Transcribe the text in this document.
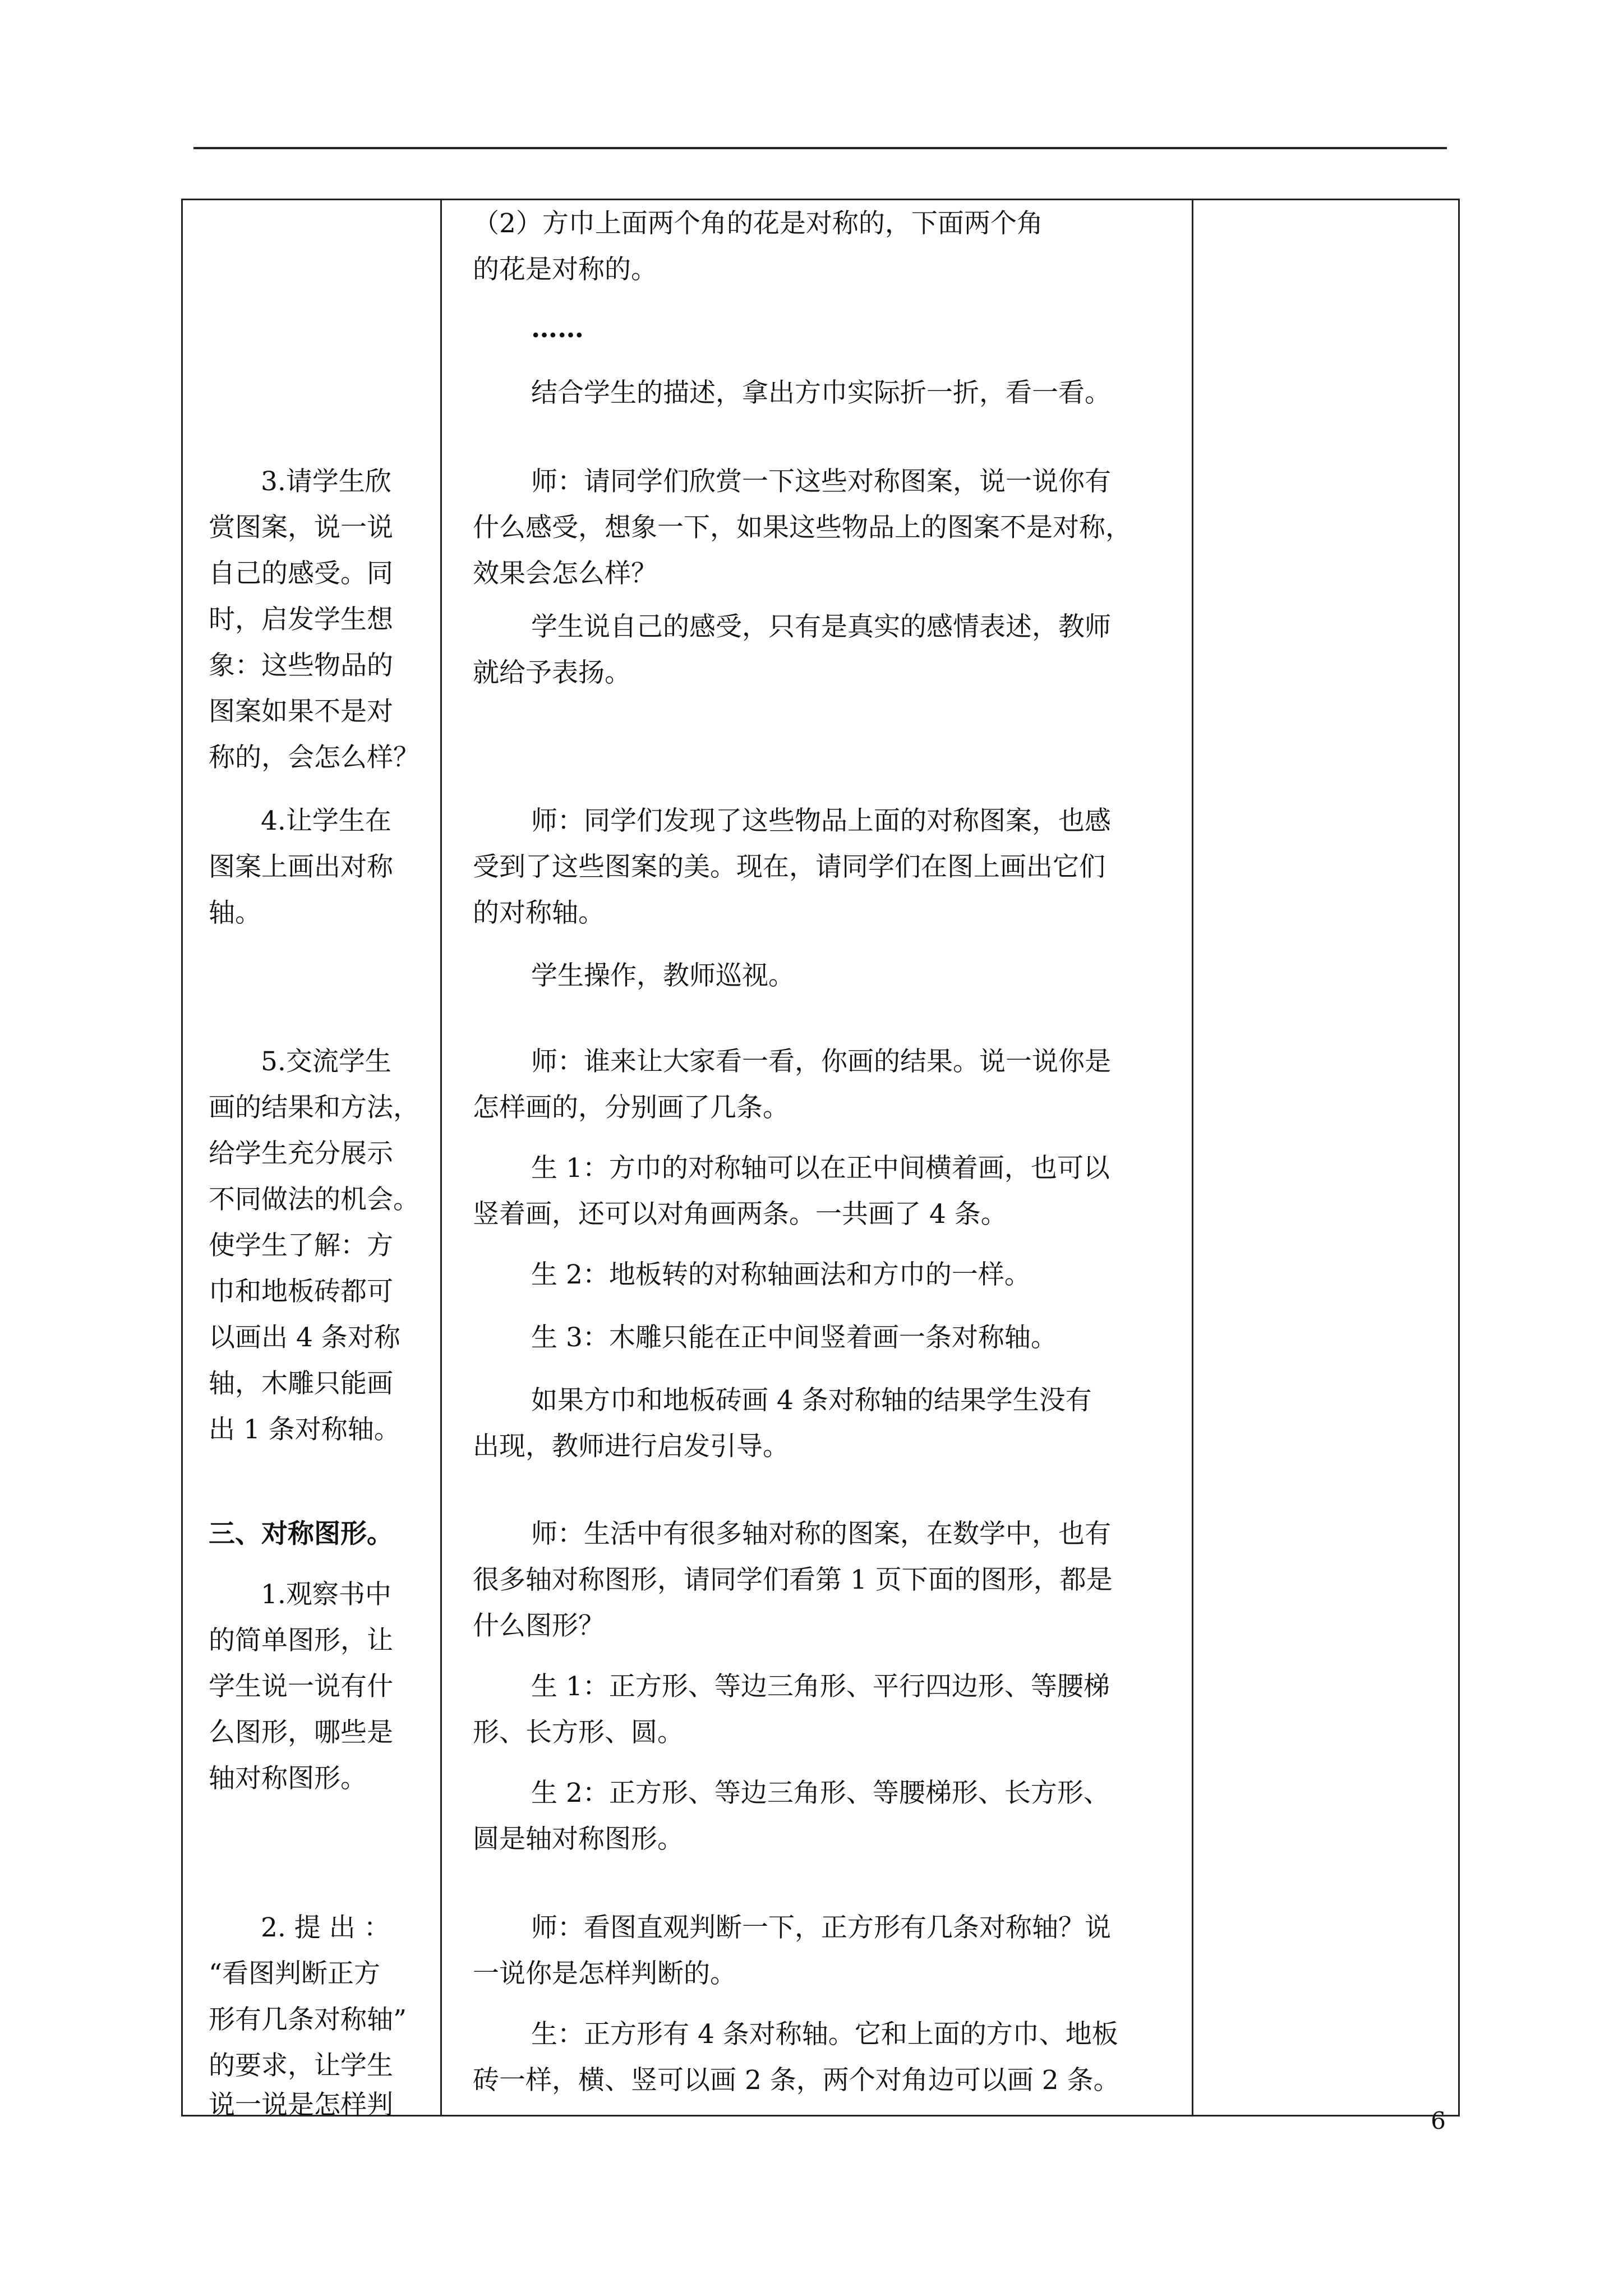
（2）方巾上面两个角的花是对称的，下面两个角

的花是对称的。

……

结合学生的描述，拿出方巾实际折一折，看一看。

师：请同学们欣赏一下这些对称图案，说一说你有

什么感受，想象一下，如果这些物品上的图案不是对称，

效果会怎么样？

学生说自己的感受，只有是真实的感情表述，教师

就给予表扬。

师：同学们发现了这些物品上面的对称图案，也感

受到了这些图案的美。现在，请同学们在图上画出它们

的对称轴。

学生操作，教师巡视。

师：谁来让大家看一看，你画的结果。说一说你是

怎样画的，分别画了几条。

生 1：方巾的对称轴可以在正中间横着画，也可以

竖着画，还可以对角画两条。一共画了 4 条。

生 2：地板转的对称轴画法和方巾的一样。

生 3：木雕只能在正中间竖着画一条对称轴。

如果方巾和地板砖画 4 条对称轴的结果学生没有

出现，教师进行启发引导。

师：生活中有很多轴对称的图案，在数学中，也有

很多轴对称图形，请同学们看第 1 页下面的图形，都是

什么图形？

生 1：正方形、等边三角形、平行四边形、等腰梯

形、长方形、圆。

生 2：正方形、等边三角形、等腰梯形、长方形、

圆是轴对称图形。

师：看图直观判断一下，正方形有几条对称轴？说

一说你是怎样判断的。

生：正方形有 4 条对称轴。它和上面的方巾、地板

砖一样，横、竖可以画 2 条，两个对角边可以画 2 条。

3.请学生欣

赏图案，说一说

自己的感受。同

时，启发学生想

象：这些物品的

图案如果不是对

称的，会怎么样？

4.让学生在

图案上画出对称

轴。

5.交流学生

画的结果和方法，

给学生充分展示

不同做法的机会。

使学生了解：方

巾和地板砖都可

以画出 4 条对称

轴，木雕只能画

出 1 条对称轴。

三、对称图形。

1.观察书中

的简单图形，让

学生说一说有什

么图形，哪些是

轴对称图形。

2. 提 出 ：

“看图判断正方

形有几条对称轴”

的要求，让学生

说一说是怎样判

6
